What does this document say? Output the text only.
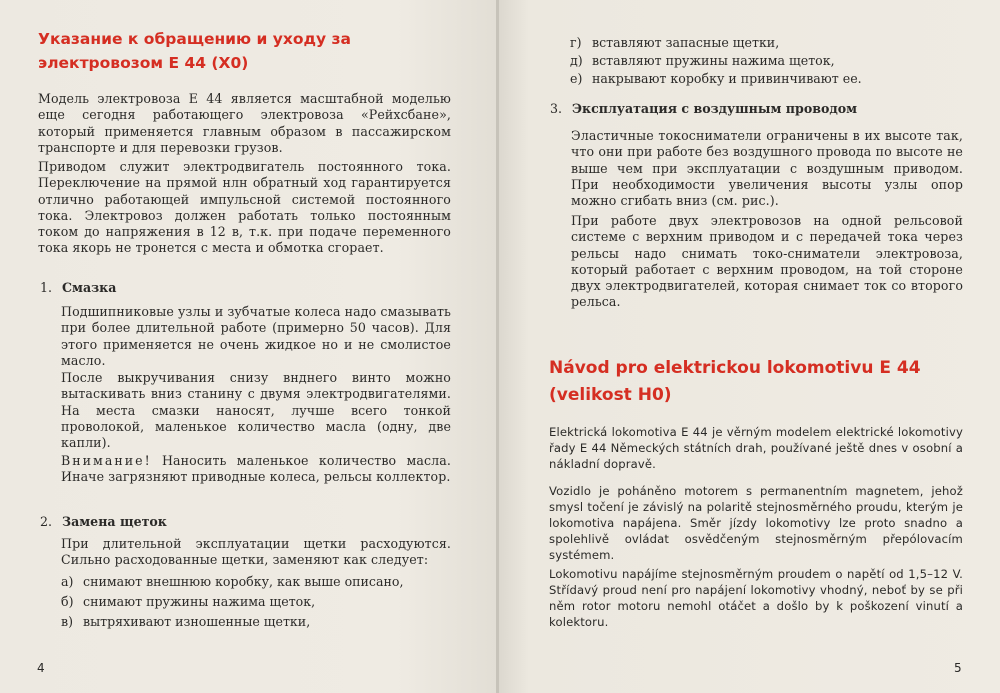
Указание к обращению и уходу за
электровозом Е 44 (Х0)

Модель электровоза Е 44 является масштабной моделью еще сегодня работающего электровоза «Рейхсбане», который применяется главным образом в пассажирском транспорте и для перевозки грузов.

Приводом служит электродвигатель постоянного тока. Переключение на прямой нлн обратный ход гарантируется отлично работающей импульсной системой постоянного тока. Электровоз должен работать только постоянным током до напряжения в 12 в, т.к. при подаче переменного тока якорь не тронется с места и обмотка сгорает.

1. Смазка

Подшипниковые узлы и зубчатые колеса надо смазывать при более длительной работе (примерно 50 часов). Для этого применяется не очень жидкое но и не смолистое масло.

После выкручивания снизу внднего винто можно вытаскивать вниз станину с двумя электродвигателями. На места смазки наносят, лучше всего тонкой проволокой, маленькое количество масла (одну, две капли).

Внимание! Наносить маленькое количество масла. Иначе загрязняют приводные колеса, рельсы коллектор.

2. Замена щеток

При длительной эксплуатации щетки расходуются. Сильно расходованные щетки, заменяют как следует:

а) снимают внешнюю коробку, как выше описано,
б) снимают пружины нажима щеток,
в) вытряхивают изношенные щетки,
4
г) вставляют запасные щетки,
д) вставляют пружины нажима щеток,
е) накрывают коробку и привинчивают ее.
3. Эксплуатация с воздушным проводом

Эластичные токосниматели ограничены в их высоте так, что они при работе без воздушного провода по высоте не выше чем при эксплуатации с воздушным приводом. При необходимости увеличения высоты узлы опор можно сгибать вниз (см. рис.).

При работе двух электровозов на одной рельсовой системе с верхним приводом и с передачей тока через рельсы надо снимать токо-сниматели электровоза, который работает с верхним проводом, на той стороне двух электродвигателей, которая снимает ток со второго рельса.

Návod pro elektrickou lokomotivu E 44
(velikost H0)

Elektrická lokomotiva E 44 je věrným modelem elektrické lokomotivy řady E 44 Německých státních drah, používané ještě dnes v osobní a nákladní dopravě.

Vozidlo je poháněno motorem s permanentním magnetem, jehož smysl točení je závislý na polaritě stejnosměrného proudu, kterým je lokomotiva napájena. Směr jízdy lokomotivy lze proto snadno a spolehlivě ovládat osvědčeným stejnosměrným přepólovacím systémem.

Lokomotivu napájíme stejnosměrným proudem o napětí od 1,5–12 V. Střídavý proud není pro napájení lokomotivy vhodný, neboť by se při něm rotor motoru nemohl otáčet a došlo by k poškození vinutí a kolektoru.

5
